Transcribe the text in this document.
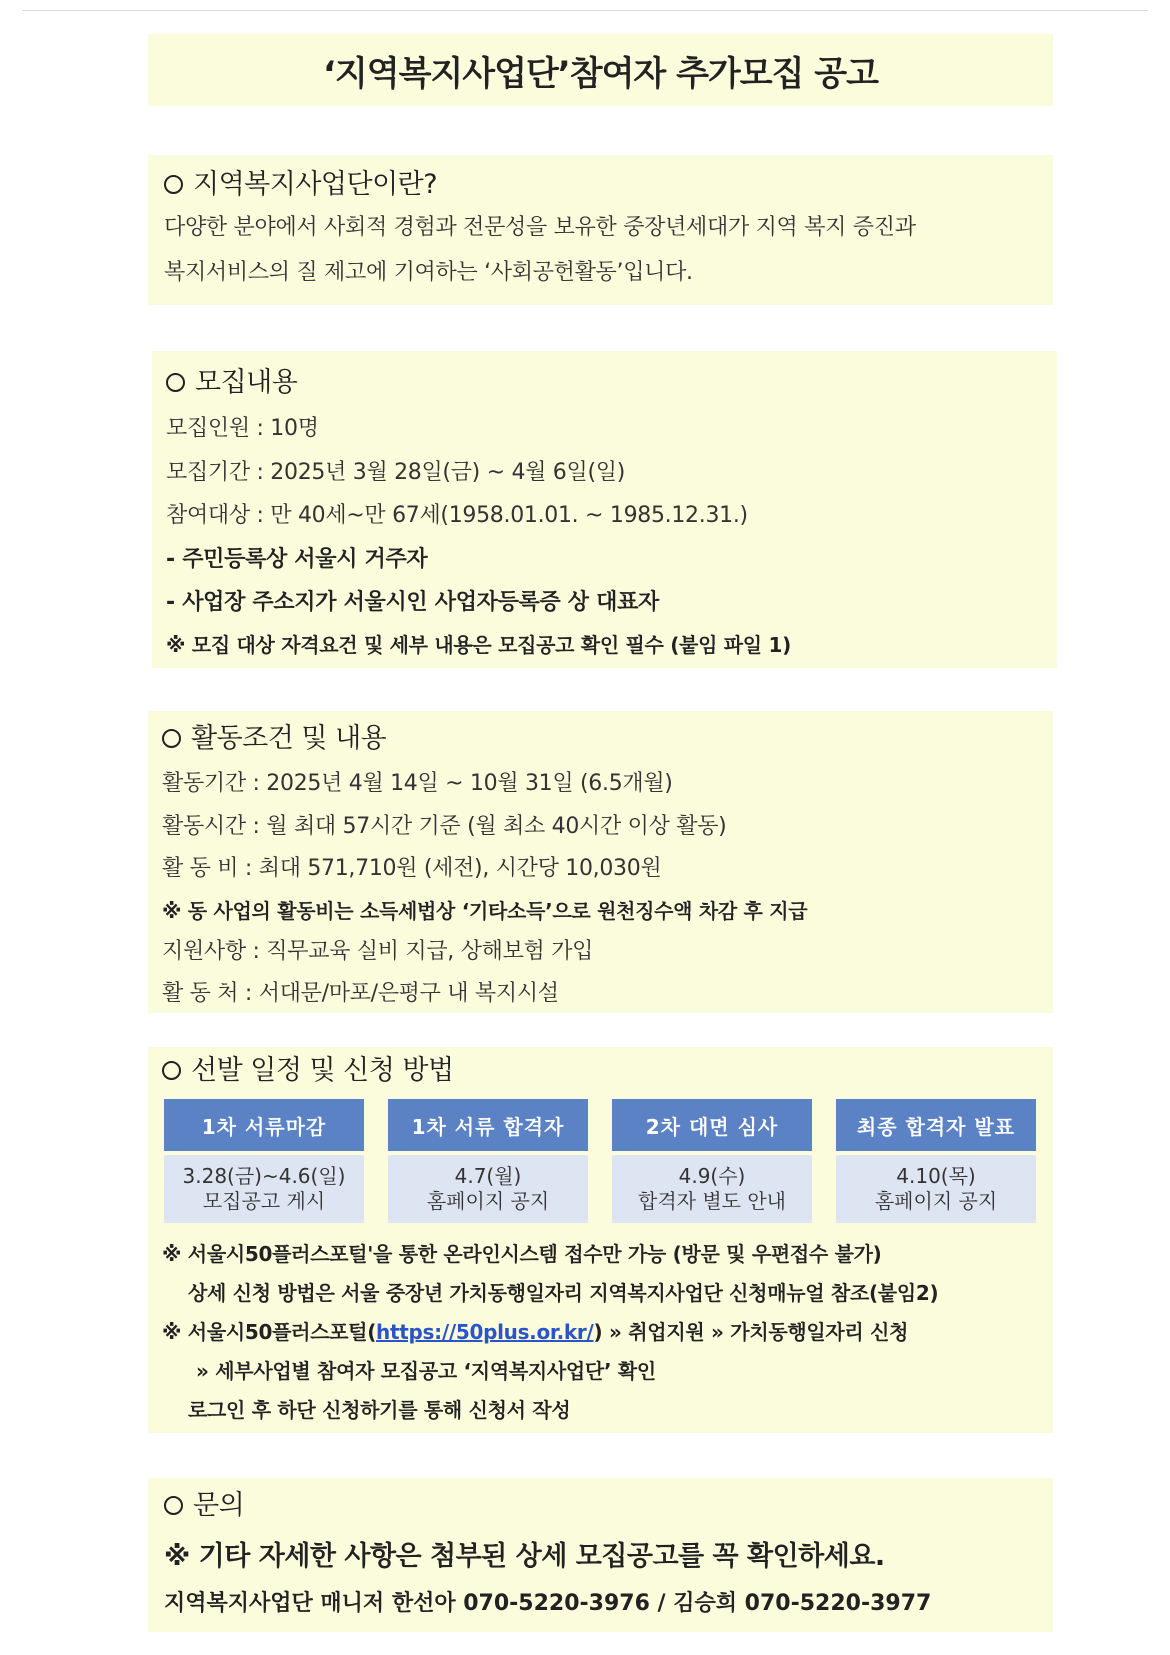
‘지역복지사업단’참여자 추가모집 공고

지역복지사업단이란?

다양한 분야에서 사회적 경험과 전문성을 보유한 중장년세대가 지역 복지 증진과
복지서비스의 질 제고에 기여하는 ‘사회공헌활동’입니다.

모집내용

모집인원 : 10명
모집기간 : 2025년 3월 28일(금) ~ 4월 6일(일)
참여대상 : 만 40세~만 67세(1958.01.01. ~ 1985.12.31.)
- 주민등록상 서울시 거주자
- 사업장 주소지가 서울시인 사업자등록증 상 대표자
※ 모집 대상 자격요건 및 세부 내용은 모집공고 확인 필수 (붙임 파일 1)

활동조건 및 내용

활동기간 : 2025년 4월 14일 ~ 10월 31일 (6.5개월)
활동시간 : 월 최대 57시간 기준 (월 최소 40시간 이상 활동)
활 동 비 : 최대 571,710원 (세전), 시간당 10,030원
※ 동 사업의 활동비는 소득세법상 ‘기타소득’으로 원천징수액 차감 후 지급
지원사항 : 직무교육 실비 지급, 상해보험 가입
활 동 처 : 서대문/마포/은평구 내 복지시설

선발 일정 및 신청 방법

1차 서류마감
3.28(금)~4.6(일)
모집공고 게시
1차 서류 합격자
4.7(월)
홈페이지 공지
2차 대면 심사
4.9(수)
합격자 별도 안내
최종 합격자 발표
4.10(목)
홈페이지 공지
※ 서울시50플러스포털'을 통한 온라인시스템 접수만 가능 (방문 및 우편접수 불가)
상세 신청 방법은 서울 중장년 가치동행일자리 지역복지사업단 신청매뉴얼 참조(붙임2)
※ 서울시50플러스포털(https://50plus.or.kr/) » 취업지원 » 가치동행일자리 신청
» 세부사업별 참여자 모집공고 ‘지역복지사업단’ 확인
로그인 후 하단 신청하기를 통해 신청서 작성

문의

※ 기타 자세한 사항은 첨부된 상세 모집공고를 꼭 확인하세요.
지역복지사업단 매니저 한선아 070-5220-3976 / 김승희 070-5220-3977
